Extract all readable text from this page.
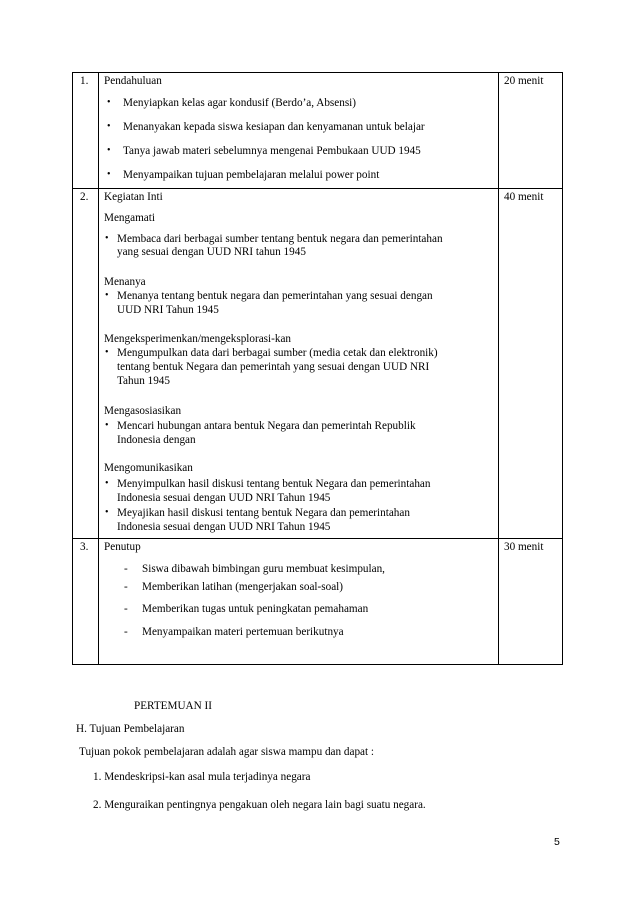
1. Pendahuluan	20 menit
• Menyiapkan kelas agar kondusif (Berdo’a, Absensi)
• Menanyakan kepada siswa kesiapan dan kenyamanan untuk belajar
• Tanya jawab materi sebelumnya mengenai Pembukaan UUD 1945
• Menyampaikan tujuan pembelajaran melalui power point
2. Kegiatan Inti	40 menit
Mengamati
• Membaca dari berbagai sumber tentang bentuk negara dan pemerintahan
yang sesuai dengan UUD NRI tahun 1945
Menanya
• Menanya tentang bentuk negara dan pemerintahan yang sesuai dengan
UUD NRI Tahun 1945
Mengeksperimenkan/mengeksplorasi-kan
• Mengumpulkan data dari berbagai sumber (media cetak dan elektronik)
tentang bentuk Negara dan pemerintah yang sesuai dengan UUD NRI
Tahun 1945
Mengasosiasikan
• Mencari hubungan antara bentuk Negara dan pemerintah Republik
Indonesia dengan
Mengomunikasikan
• Menyimpulkan hasil diskusi tentang bentuk Negara dan pemerintahan
Indonesia sesuai dengan UUD NRI Tahun 1945
• Meyajikan hasil diskusi tentang bentuk Negara dan pemerintahan
Indonesia sesuai dengan UUD NRI Tahun 1945
3. Penutup	30 menit
- Siswa dibawah bimbingan guru membuat kesimpulan,
- Memberikan latihan (mengerjakan soal-soal)
- Memberikan tugas untuk peningkatan pemahaman
- Menyampaikan materi pertemuan berikutnya
PERTEMUAN II
H. Tujuan Pembelajaran
Tujuan pokok pembelajaran adalah agar siswa mampu dan dapat :
1. Mendeskripsi-kan asal mula terjadinya negara
2. Menguraikan pentingnya pengakuan oleh negara lain bagi suatu negara.
5
